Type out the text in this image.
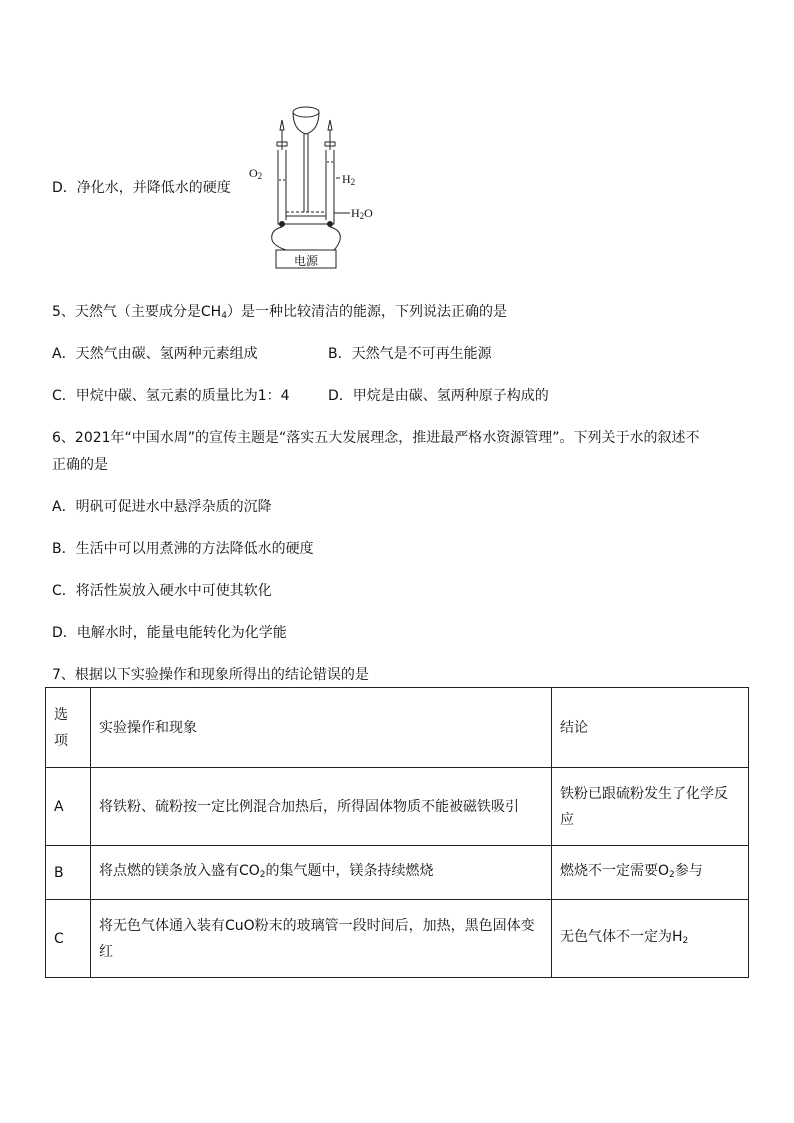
D．净化水，并降低水的硬度
$O_2$	$H_2$
$H_2O$
电源
5、天然气（主要成分是$CH_4$）是一种比较清洁的能源，下列说法正确的是
A．天然气由碳、氢两种元素组成	B．天然气是不可再生能源
C．甲烷中碳、氢元素的质量比为1：4	D．甲烷是由碳、氢两种原子构成的
6、2021年“中国水周”的宣传主题是“落实五大发展理念，推进最严格水资源管理”。下列关于水的叙述不
正确的是
A．明矾可促进水中悬浮杂质的沉降
B．生活中可以用煮沸的方法降低水的硬度
C．将活性炭放入硬水中可使其软化
D．电解水时，能量电能转化为化学能
7、根据以下实验操作和现象所得出的结论错误的是
选
项	实验操作和现象	结论
A	将铁粉、硫粉按一定比例混合加热后，所得固体物质不能被磁铁吸引	铁粉已跟硫粉发生了化学反应
B	将点燃的镁条放入盛有$CO_2$的集气题中，镁条持续燃烧	燃烧不一定需要$O_2$参与
C	将无色气体通入装有CuO粉末的玻璃管一段时间后，加热，黑色固体变红	无色气体不一定为$H_2$
